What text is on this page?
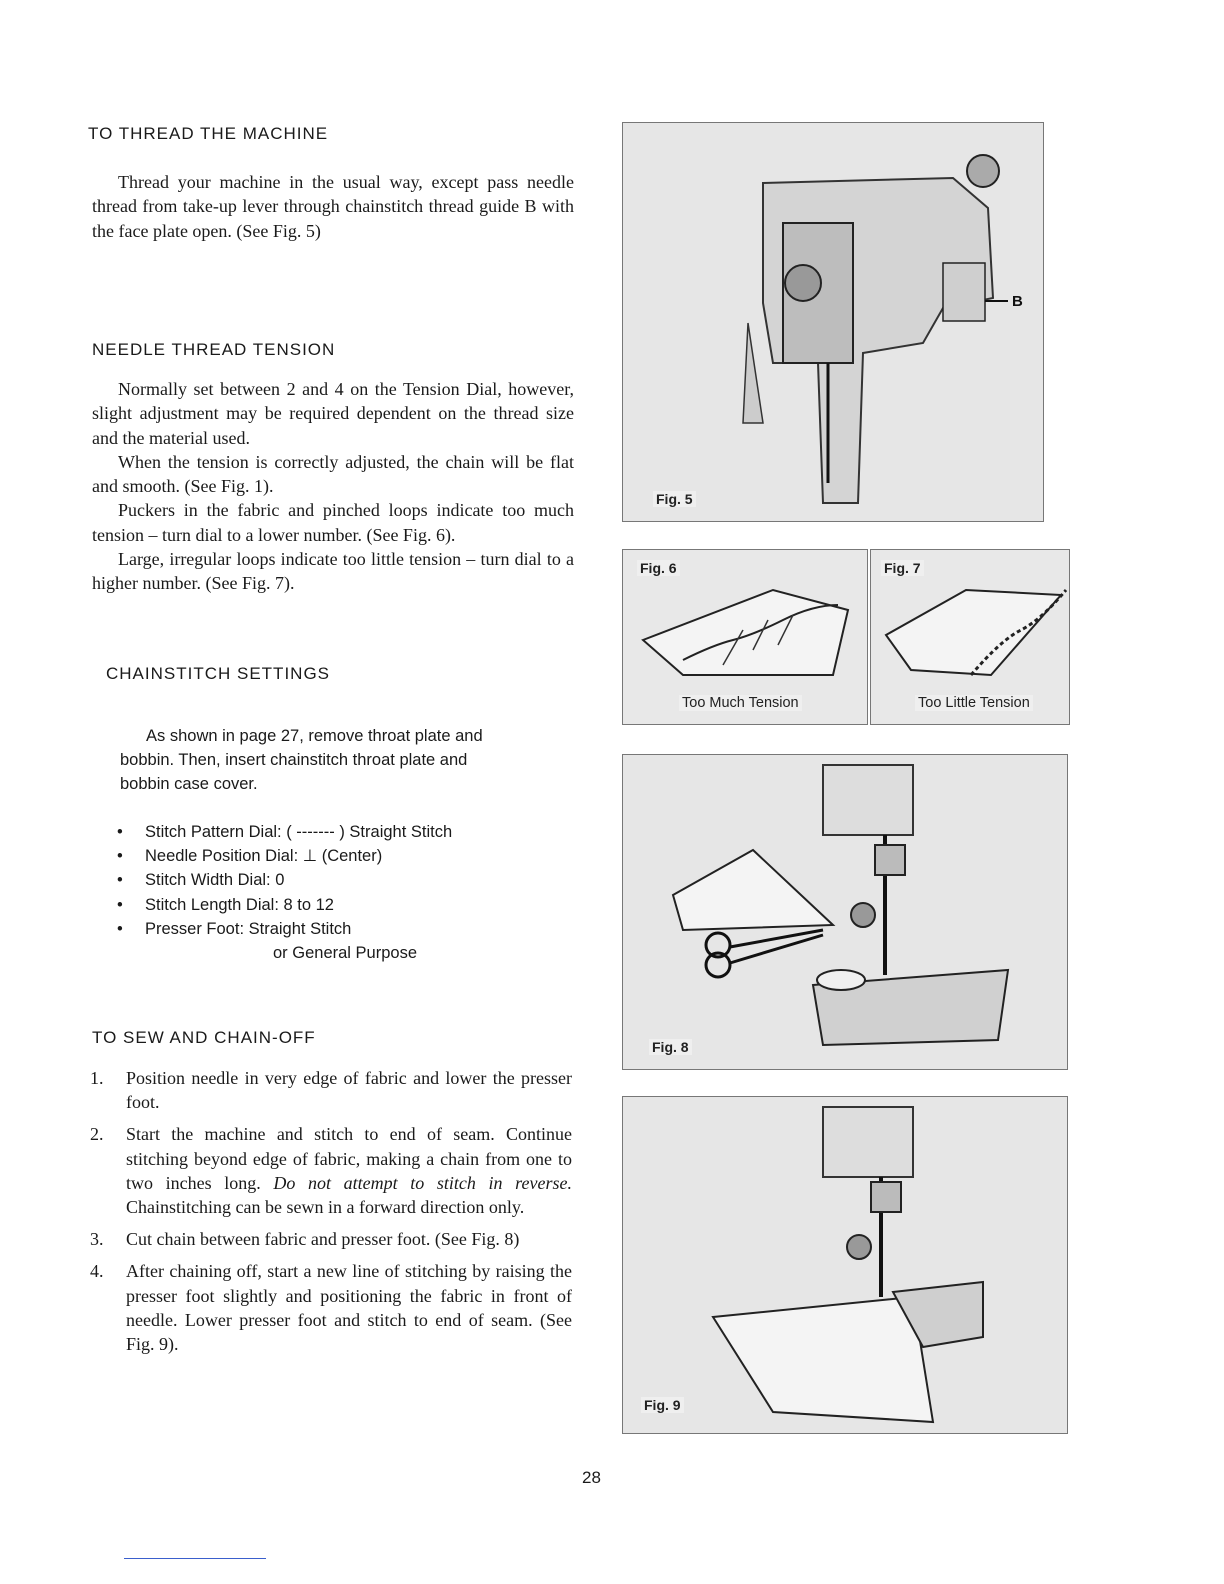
TO THREAD THE MACHINE
Thread your machine in the usual way, except pass needle thread from take-up lever through chainstitch thread guide B with the face plate open. (See Fig. 5)
NEEDLE THREAD TENSION

Normally set between 2 and 4 on the Tension Dial, however, slight adjustment may be required dependent on the thread size and the material used.

When the tension is correctly adjusted, the chain will be flat and smooth. (See Fig. 1).

Puckers in the fabric and pinched loops indicate too much tension – turn dial to a lower number. (See Fig. 6).

Large, irregular loops indicate too little tension – turn dial to a higher number. (See Fig. 7).

CHAINSTITCH SETTINGS
As shown in page 27, remove throat plate and bobbin. Then, insert chainstitch throat plate and bobbin case cover.
• Stitch Pattern Dial: ( ------- ) Straight Stitch
• Needle Position Dial: ⊥ (Center)
• Stitch Width Dial: 0
• Stitch Length Dial: 8 to 12
• Presser Foot: Straight Stitch
or General Purpose
TO SEW AND CHAIN-OFF
1. Position needle in very edge of fabric and lower the presser foot.
2. Start the machine and stitch to end of seam. Continue stitching beyond edge of fabric, making a chain from one to two inches long. Do not attempt to stitch in reverse. Chainstitching can be sewn in a forward direction only.
3. Cut chain between fabric and presser foot. (See Fig. 8)
4. After chaining off, start a new line of stitching by raising the presser foot slightly and positioning the fabric in front of needle. Lower presser foot and stitch to end of seam. (See Fig. 9).
Fig. 5
B
Fig. 6
Too Much Tension
Fig. 7
Too Little Tension
Fig. 8
Fig. 9
28
